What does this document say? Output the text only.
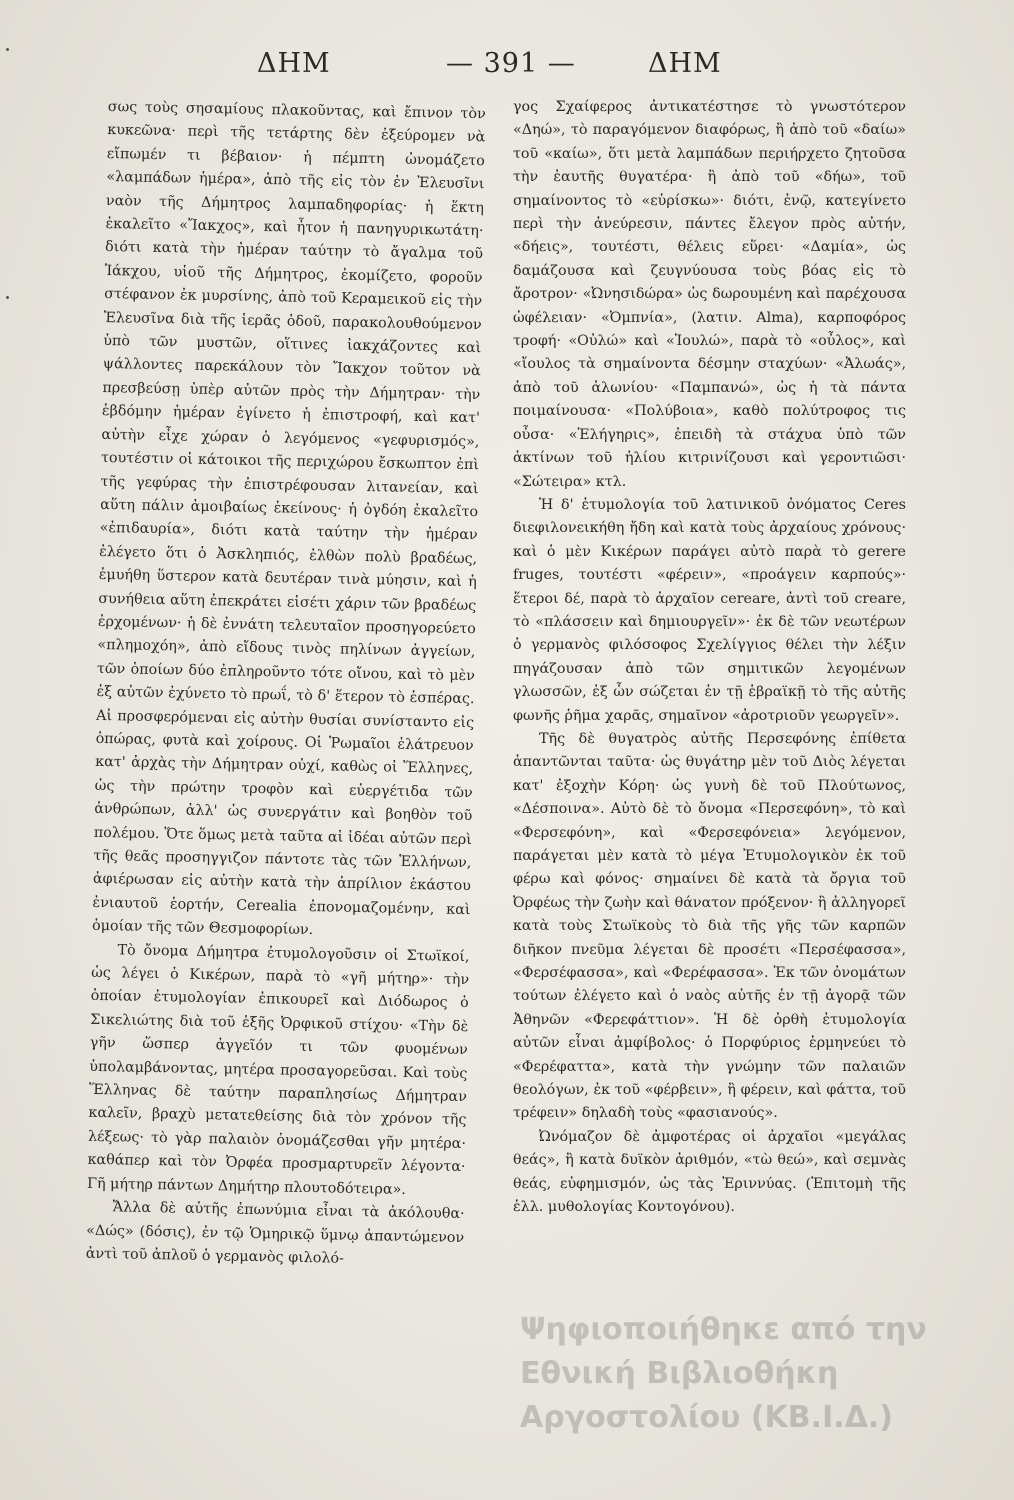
ΔΗΜ	— 391 —	ΔΗΜ

σως τοὺς σησαμίους πλακοῦντας, καὶ ἔπινον τὸν κυκεῶνα· περὶ τῆς τετάρτης δὲν ἐξεύρομεν νὰ εἴπωμέν τι βέβαιον· ἡ πέμπτη ὠνομάζετο «λαμπάδων ἡμέρα», ἀπὸ τῆς εἰς τὸν ἐν Ἐλευσῖνι ναὸν τῆς Δήμητρος λαμπαδηφορίας· ἡ ἕκτη ἐκαλεῖτο «Ἴακχος», καὶ ἦτον ἡ πανηγυρικωτάτη· διότι κατὰ τὴν ἡμέραν ταύτην τὸ ἄγαλμα τοῦ Ἰάκχου, υἱοῦ τῆς Δήμητρος, ἐκομίζετο, φοροῦν στέφανον ἐκ μυρσίνης, ἀπὸ τοῦ Κεραμεικοῦ εἰς τὴν Ἐλευσῖνα διὰ τῆς ἱερᾶς ὁδοῦ, παρακολουθούμενον ὑπὸ τῶν μυστῶν, οἵτινες ἰακχάζοντες καὶ ψάλλοντες παρεκάλουν τὸν Ἴακχον τοῦτον νὰ πρεσβεύσῃ ὑπὲρ αὐτῶν πρὸς τὴν Δήμητραν· τὴν ἑβδόμην ἡμέραν ἐγίνετο ἡ ἐπιστροφή, καὶ κατ' αὐτὴν εἶχε χώραν ὁ λεγόμενος «γεφυρισμός», τουτέστιν οἱ κάτοικοι τῆς περιχώρου ἔσκωπτον ἐπὶ τῆς γεφύρας τὴν ἐπιστρέφουσαν λιτανείαν, καὶ αὕτη πάλιν ἀμοιβαίως ἐκείνους· ἡ ὀγδόη ἐκαλεῖτο «ἐπιδαυρία», διότι κατὰ ταύτην τὴν ἡμέραν ἐλέγετο ὅτι ὁ Ἀσκληπιός, ἐλθὼν πολὺ βραδέως, ἐμυήθη ὕστερον κατὰ δευτέραν τινὰ μύησιν, καὶ ἡ συνήθεια αὕτη ἐπεκράτει εἰσέτι χάριν τῶν βραδέως ἐρχομένων· ἡ δὲ ἐννάτη τελευταῖον προσηγορεύετο «πλημοχόη», ἀπὸ εἴδους τινὸς πηλίνων ἀγγείων, τῶν ὁποίων δύο ἐπληροῦντο τότε οἴνου, καὶ τὸ μὲν ἐξ αὐτῶν ἐχύνετο τὸ πρωΐ, τὸ δ' ἕτερον τὸ ἑσπέρας. Αἱ προσφερόμεναι εἰς αὐτὴν θυσίαι συνίσταντο εἰς ὀπώρας, φυτὰ καὶ χοίρους. Οἱ Ῥωμαῖοι ἐλάτρευον κατ' ἀρχὰς τὴν Δήμητραν οὐχί, καθὼς οἱ Ἕλληνες, ὡς τὴν πρώτην τροφὸν καὶ εὐεργέτιδα τῶν ἀνθρώπων, ἀλλ' ὡς συνεργάτιν καὶ βοηθὸν τοῦ πολέμου. Ὅτε ὅμως μετὰ ταῦτα αἱ ἰδέαι αὐτῶν περὶ τῆς θεᾶς προσηγγιζον πάντοτε τὰς τῶν Ἑλλήνων, ἀφιέρωσαν εἰς αὐτὴν κατὰ τὴν ἀπρίλιον ἑκάστου ἐνιαυτοῦ ἑορτήν, Cerealia ἐπονομαζομένην, καὶ ὁμοίαν τῆς τῶν Θεσμοφορίων.

Τὸ ὄνομα Δήμητρα ἐτυμολογοῦσιν οἱ Στωϊκοί, ὡς λέγει ὁ Κικέρων, παρὰ τὸ «γῆ μήτηρ»· τὴν ὁποίαν ἐτυμολογίαν ἐπικουρεῖ καὶ Διόδωρος ὁ Σικελιώτης διὰ τοῦ ἑξῆς Ὀρφικοῦ στίχου· «Τὴν δὲ γῆν ὥσπερ ἀγγεῖόν τι τῶν φυομένων ὑπολαμβάνοντας, μητέρα προσαγορεῦσαι. Καὶ τοὺς Ἕλληνας δὲ ταύτην παραπλησίως Δήμητραν καλεῖν, βραχὺ μετατεθείσης διὰ τὸν χρόνον τῆς λέξεως· τὸ γὰρ παλαιὸν ὀνομάζεσθαι γῆν μητέρα· καθάπερ καὶ τὸν Ὀρφέα προσμαρτυρεῖν λέγοντα· Γῆ μήτηρ πάντων Δημήτηρ πλουτοδότειρα».

Ἄλλα δὲ αὐτῆς ἐπωνύμια εἶναι τὰ ἀκόλουθα· «Δώς» (δόσις), ἐν τῷ Ὁμηρικῷ ὕμνῳ ἀπαντώμενον ἀντὶ τοῦ ἀπλοῦ ὁ γερμανὸς φιλολό-

γος Σχαίφερος ἀντικατέστησε τὸ γνωστότερον «Δηώ», τὸ παραγόμενον διαφόρως, ἢ ἀπὸ τοῦ «δαίω» τοῦ «καίω», ὅτι μετὰ λαμπάδων περιήρχετο ζητοῦσα τὴν ἑαυτῆς θυγατέρα· ἢ ἀπὸ τοῦ «δήω», τοῦ σημαίνοντος τὸ «εὑρίσκω»· διότι, ἐνῷ, κατεγίνετο περὶ τὴν ἀνεύρεσιν, πάντες ἔλεγον πρὸς αὐτήν, «δήεις», τουτέστι, θέλεις εὕρει· «Δαμία», ὡς δαμάζουσα καὶ ζευγνύουσα τοὺς βόας εἰς τὸ ἄροτρον· «Ὠνησιδώρα» ὡς δωρουμένη καὶ παρέχουσα ὠφέλειαν· «Ὀμπνία», (λατιν. Alma), καρποφόρος τροφή· «Οὐλώ» καὶ «Ἰουλώ», παρὰ τὸ «οὖλος», καὶ «ἴουλος τὰ σημαίνοντα δέσμην σταχύων· «Ἀλωάς», ἀπὸ τοῦ ἀλωνίου· «Παμπανώ», ὡς ἡ τὰ πάντα ποιμαίνουσα· «Πολύβοια», καθὸ πολύτροφος τις οὖσα· «Ἐλήγηρις», ἐπειδὴ τὰ στάχυα ὑπὸ τῶν ἀκτίνων τοῦ ἡλίου κιτρινίζουσι καὶ γεροντιῶσι· «Σώτειρα» κτλ.

Ἡ δ' ἐτυμολογία τοῦ λατινικοῦ ὀνόματος Ceres διεφιλονεικήθη ἤδη καὶ κατὰ τοὺς ἀρχαίους χρόνους· καὶ ὁ μὲν Κικέρων παράγει αὐτὸ παρὰ τὸ gerere fruges, τουτέστι «φέρειν», «προάγειν καρπούς»· ἕτεροι δέ, παρὰ τὸ ἀρχαῖον cereare, ἀντὶ τοῦ creare, τὸ «πλάσσειν καὶ δημιουργεῖν»· ἐκ δὲ τῶν νεωτέρων ὁ γερμανὸς φιλόσοφος Σχελίγγιος θέλει τὴν λέξιν πηγάζουσαν ἀπὸ τῶν σημιτικῶν λεγομένων γλωσσῶν, ἐξ ὧν σώζεται ἐν τῇ ἑβραϊκῇ τὸ τῆς αὐτῆς φωνῆς ῥῆμα χαρᾶς, σημαῖνον «ἀροτριοῦν γεωργεῖν».

Τῆς δὲ θυγατρὸς αὐτῆς Περσεφόνης ἐπίθετα ἀπαντῶνται ταῦτα· ὡς θυγάτηρ μὲν τοῦ Διὸς λέγεται κατ' ἐξοχὴν Κόρη· ὡς γυνὴ δὲ τοῦ Πλούτωνος, «Δέσποινα». Αὐτὸ δὲ τὸ ὄνομα «Περσεφόνη», τὸ καὶ «Φερσεφόνη», καὶ «Φερσεφόνεια» λεγόμενον, παράγεται μὲν κατὰ τὸ μέγα Ἐτυμολογικὸν ἐκ τοῦ φέρω καὶ φόνος· σημαίνει δὲ κατὰ τὰ ὄργια τοῦ Ὀρφέως τὴν ζωὴν καὶ θάνατον πρόξενον· ἢ ἀλληγορεῖ κατὰ τοὺς Στωϊκοὺς τὸ διὰ τῆς γῆς τῶν καρπῶν διῆκον πνεῦμα λέγεται δὲ προσέτι «Περσέφασσα», «Φερσέφασσα», καὶ «Φερέφασσα». Ἐκ τῶν ὀνομάτων τούτων ἐλέγετο καὶ ὁ ναὸς αὐτῆς ἐν τῇ ἀγορᾷ τῶν Ἀθηνῶν «Φερεφάττιον». Ἡ δὲ ὀρθὴ ἐτυμολογία αὐτῶν εἶναι ἀμφίβολος· ὁ Πορφύριος ἑρμηνεύει τὸ «Φερέφαττα», κατὰ τὴν γνώμην τῶν παλαιῶν θεολόγων, ἐκ τοῦ «φέρβειν», ἢ φέρειν, καὶ φάττα, τοῦ τρέφειν» δηλαδὴ τοὺς «φασιανούς».

Ὠνόμαζον δὲ ἀμφοτέρας οἱ ἀρχαῖοι «μεγάλας θεάς», ἢ κατὰ δυϊκὸν ἀριθμόν, «τὼ θεώ», καὶ σεμνὰς θεάς, εὐφημισμόν, ὡς τὰς Ἐριννύας. (Ἐπιτομὴ τῆς ἑλλ. μυθολογίας Κοντογόνου).

Ψηφιοποιήθηκε από την Εθνική Βιβλιοθήκη
Αργοστολίου (ΚΒ.Ι.Δ.)
